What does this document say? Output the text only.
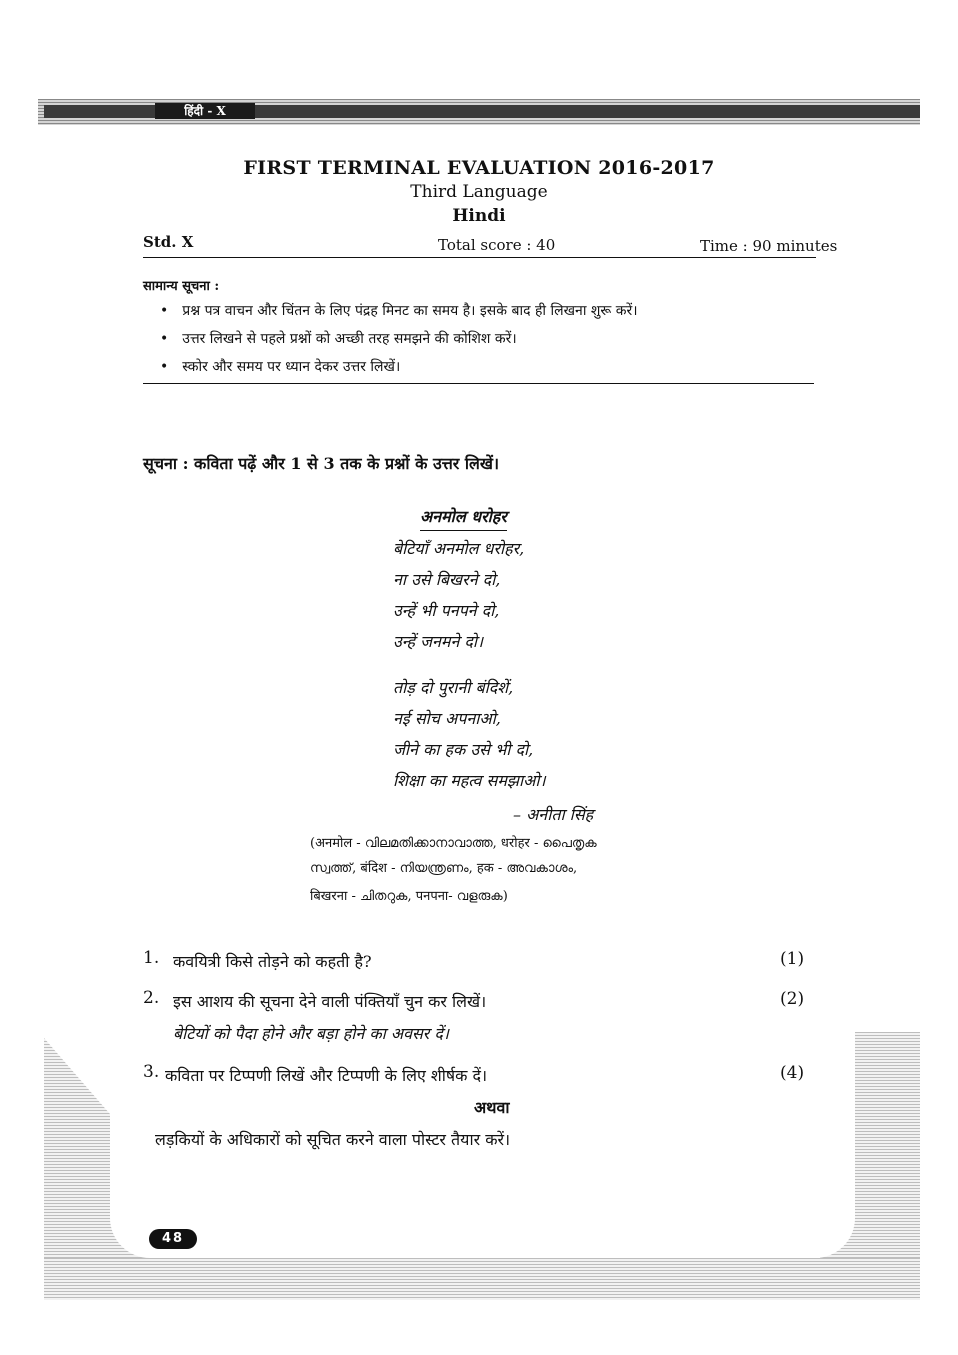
हिंदी - X
FIRST TERMINAL EVALUATION 2016-2017
Third Language
Hindi
Std. X	Total score : 40	Time : 90 minutes
सामान्य सूचना :
• प्रश्न पत्र वाचन और चिंतन के लिए पंद्रह मिनट का समय है। इसके बाद ही लिखना शुरू करें।
• उत्तर लिखने से पहले प्रश्नों को अच्छी तरह समझने की कोशिश करें।
• स्कोर और समय पर ध्यान देकर उत्तर लिखें।
सूचना : कविता पढ़ें और 1 से 3 तक के प्रश्नों के उत्तर लिखें।
अनमोल धरोहर
बेटियाँ अनमोल धरोहर,
ना उसे बिखरने दो,
उन्हें भी पनपने दो,
उन्हें जनमने दो।
तोड़ दो पुरानी बंदिशें,
नई सोच अपनाओ,
जीने का हक उसे भी दो,
शिक्षा का महत्व समझाओ।
– अनीता सिंह
(अनमोल - വിലമതിക്കാനാവാത്ത, धरोहर - പൈതൃക
സ്വത്ത്, बंदिश - നിയന്ത്രണം, हक - അവകാശം,
बिखरना - ചിതറുക, पनपना- വളരുക)
1. कवयित्री किसे तोड़ने को कहती है?	(1)
2. इस आशय की सूचना देने वाली पंक्तियाँ चुन कर लिखें।	(2)
बेटियों को पैदा होने और बड़ा होने का अवसर दें।
3. कविता पर टिप्पणी लिखें और टिप्पणी के लिए शीर्षक दें।	(4)
अथवा
लड़कियों के अधिकारों को सूचित करने वाला पोस्टर तैयार करें।
48
